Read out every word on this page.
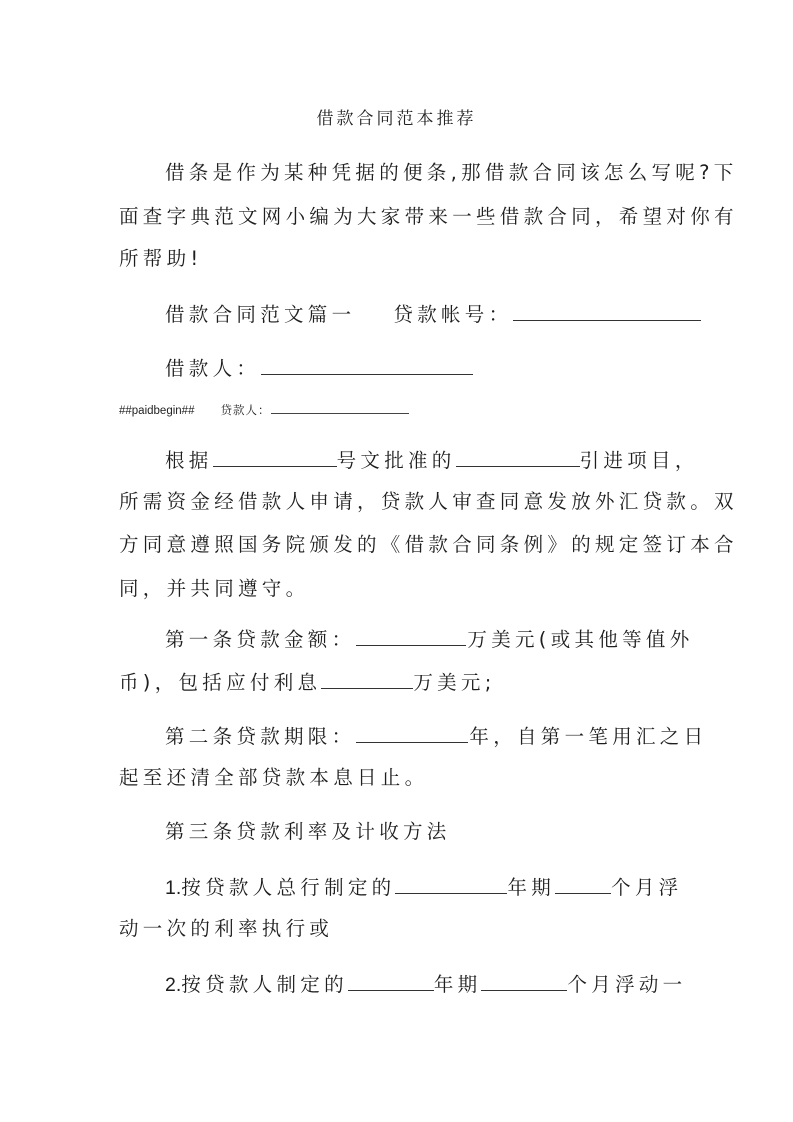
借款合同范本推荐
借条是作为某种凭据的便条,那借款合同该怎么写呢?下
面查字典范文网小编为大家带来一些借款合同，希望对你有
所帮助!
借款合同范文篇一 贷款帐号：
借款人：
##paidbegin## 贷款人：
根据	号文批准的	引进项目，
所需资金经借款人申请，贷款人审查同意发放外汇贷款。双
方同意遵照国务院颁发的《借款合同条例》的规定签订本合
同，并共同遵守。
第一条贷款金额：	万美元(或其他等值外
币)，包括应付利息	万美元;
第二条贷款期限：	年，自第一笔用汇之日
起至还清全部贷款本息日止。
第三条贷款利率及计收方法
1.按贷款人总行制定的	年期	个月浮
动一次的利率执行或
2.按贷款人制定的	年期	个月浮动一
